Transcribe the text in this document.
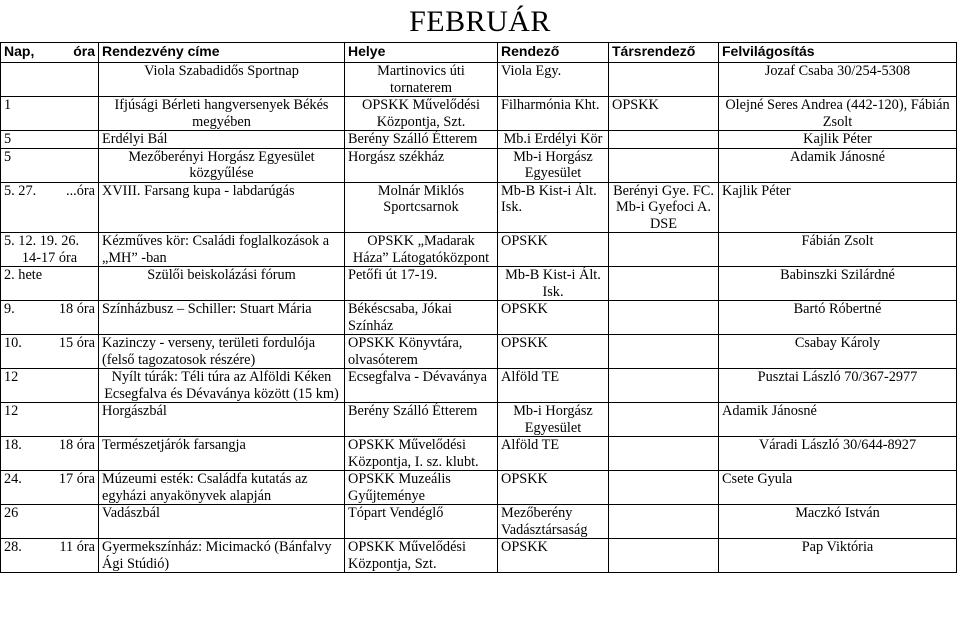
FEBRUÁR
Nap, óra	Rendezvény címe	Helye	Rendező	Társrendező	Felvilágosítás

	Viola Szabadidős Sportnap	Martinovics úti tornaterem	Viola Egy.		Jozaf Csaba 30/254-5308

1	Ifjúsági Bérleti hangversenyek Békés megyében	OPSKK Művelődési Központja, Szt.	Filharmónia Kht.	OPSKK	Olejné Seres Andrea (442-120), Fábián Zsolt

5	Erdélyi Bál	Berény Szálló Étterem	Mb.i Erdélyi Kör		Kajlik Péter

5	Mezőberényi Horgász Egyesület közgyűlése	Horgász székház	Mb-i Horgász Egyesület		Adamik Jánosné

5. 27. ...óra	XVIII. Farsang kupa - labdarúgás	Molnár Miklós Sportcsarnok	Mb-B Kist-i Ált. Isk.	Berényi Gye. FC. Mb-i Gyefoci A. DSE	Kajlik Péter

5. 12. 19. 26.
14-17 óra	Kézműves kör: Családi foglalkozások a „MH” -ban	OPSKK „Madarak Háza” Látogatóközpont	OPSKK		Fábián Zsolt

2. hete	Szülői beiskolázási fórum	Petőfi út 17-19.	Mb-B Kist-i Ált. Isk.		Babinszki Szilárdné

9. 18 óra	Színházbusz – Schiller: Stuart Mária	Békéscsaba, Jókai Színház	OPSKK		Bartó Róbertné

10. 15 óra	Kazinczy - verseny, területi fordulója (felső tagozatosok részére)	OPSKK Könyvtára, olvasóterem	OPSKK		Csabay Károly

12	Nyílt túrák: Téli túra az Alföldi Kéken Ecsegfalva és Dévaványa között (15 km)	Ecsegfalva - Dévaványa	Alföld TE		Pusztai László 70/367-2977

12	Horgászbál	Berény Szálló Étterem	Mb-i Horgász Egyesület		Adamik Jánosné

18. 18 óra	Természetjárók farsangja	OPSKK Művelődési Központja, I. sz. klubt.	Alföld TE		Váradi László 30/644-8927

24. 17 óra	Múzeumi esték: Családfa kutatás az egyházi anyakönyvek alapján	OPSKK Muzeális Gyűjteménye	OPSKK		Csete Gyula

26	Vadászbál	Tópart Vendéglő	Mezőberény Vadásztársaság		Maczkó István

28. 11 óra	Gyermekszínház: Micimackó (Bánfalvy Ági Stúdió)	OPSKK Művelődési Központja, Szt.	OPSKK		Pap Viktória
